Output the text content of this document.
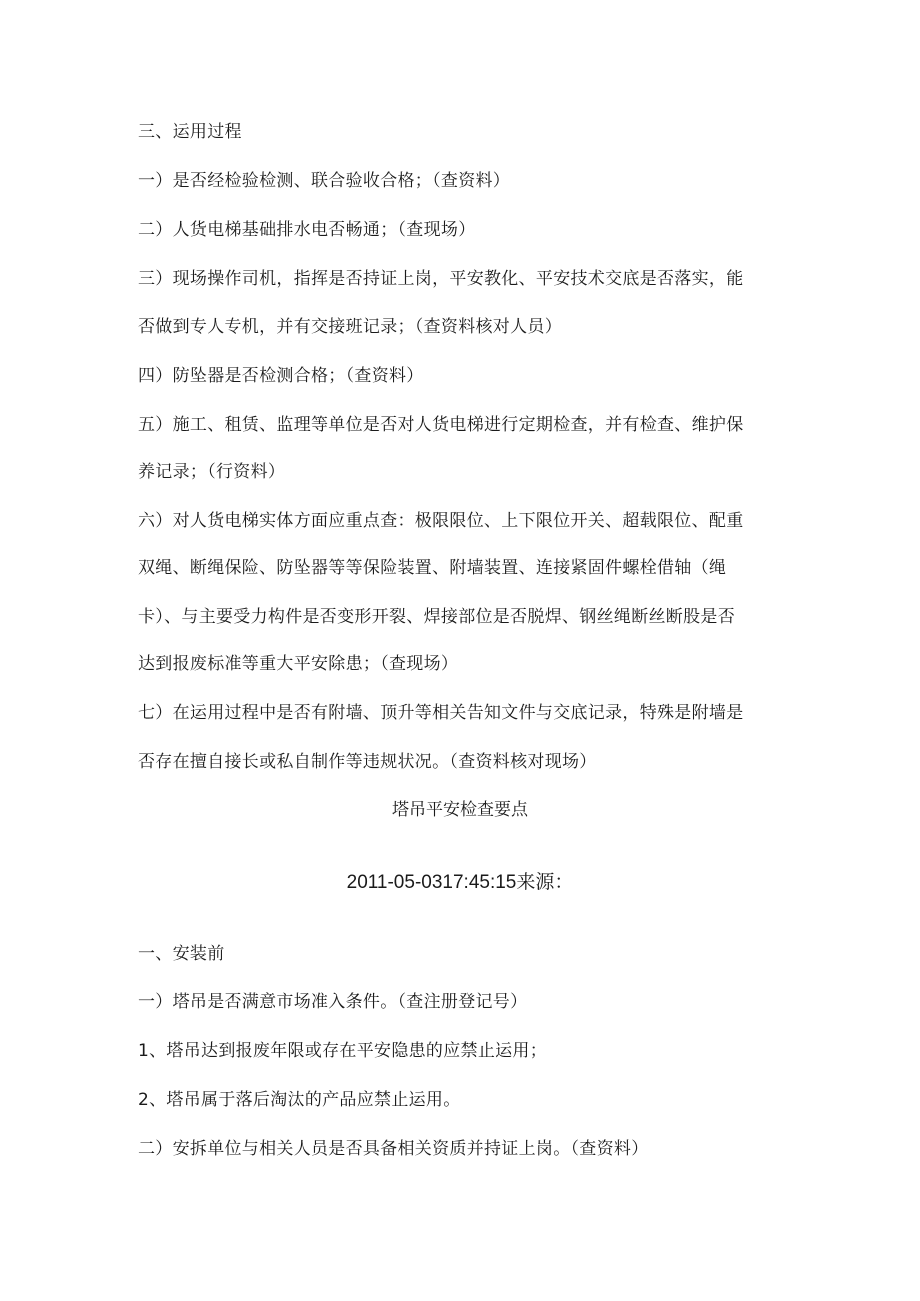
三、运用过程
一）是否经检验检测、联合验收合格；（查资料）
二）人货电梯基础排水电否畅通；（查现场）
三）现场操作司机，指挥是否持证上岗，平安教化、平安技术交底是否落实，能
否做到专人专机，并有交接班记录；（查资料核对人员）
四）防坠器是否检测合格；（查资料）
五）施工、租赁、监理等单位是否对人货电梯进行定期检查，并有检查、维护保
养记录；（行资料）
六）对人货电梯实体方面应重点查：极限限位、上下限位开关、超载限位、配重
双绳、断绳保险、防坠器等等保险装置、附墙装置、连接紧固件螺栓借轴（绳
卡）、与主要受力构件是否变形开裂、焊接部位是否脱焊、钢丝绳断丝断股是否
达到报废标准等重大平安除患；（查现场）
七）在运用过程中是否有附墙、顶升等相关告知文件与交底记录，特殊是附墙是
否存在擅自接长或私自制作等违规状况。（查资料核对现场）
塔吊平安检查要点
2011-05-0317:45:15来源：
一、安装前
一）塔吊是否满意市场准入条件。（查注册登记号）
1、塔吊达到报废年限或存在平安隐患的应禁止运用；
2、塔吊属于落后淘汰的产品应禁止运用。
二）安拆单位与相关人员是否具备相关资质并持证上岗。（查资料）
